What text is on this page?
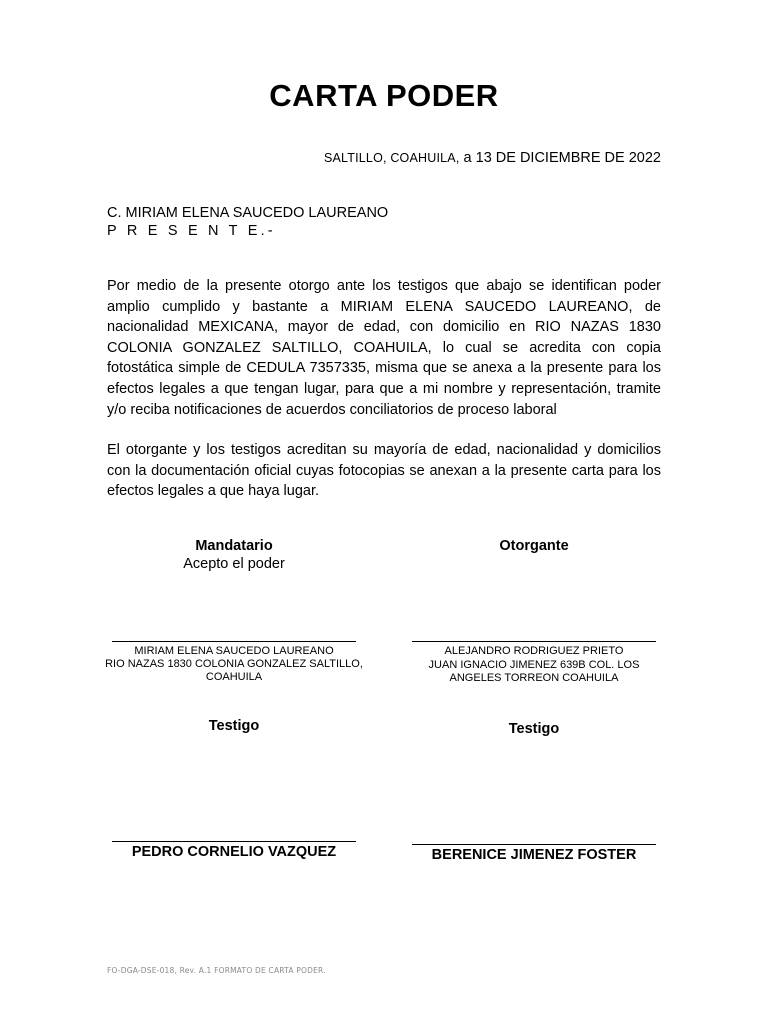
CARTA PODER
SALTILLO, COAHUILA, a 13 DE DICIEMBRE DE 2022
C. MIRIAM ELENA SAUCEDO LAUREANO
P R E S E N T E.-

Por medio de la presente otorgo ante los testigos que abajo se identifican poder amplio cumplido y bastante a MIRIAM ELENA SAUCEDO LAUREANO, de nacionalidad MEXICANA, mayor de edad, con domicilio en RIO NAZAS 1830 COLONIA GONZALEZ SALTILLO, COAHUILA, lo cual se acredita con copia fotostática simple de CEDULA 7357335, misma que se anexa a la presente para los efectos legales a que tengan lugar, para que a mi nombre y representación, tramite y/o reciba notificaciones de acuerdos conciliatorios de proceso laboral

El otorgante y los testigos acreditan su mayoría de edad, nacionalidad y domicilios con la documentación oficial cuyas fotocopias se anexan a la presente carta para los efectos legales a que haya lugar.

Mandatario
Acepto el poder
MIRIAM ELENA SAUCEDO LAUREANO
RIO NAZAS 1830 COLONIA GONZALEZ SALTILLO, COAHUILA
Otorgante
ALEJANDRO RODRIGUEZ PRIETO
JUAN IGNACIO JIMENEZ 639B COL. LOS ANGELES TORREON COAHUILA
Testigo
PEDRO CORNELIO VAZQUEZ
Testigo
BERENICE JIMENEZ FOSTER
FO-DGA-DSE-018, Rev. A.1 FORMATO DE CARTA PODER.
